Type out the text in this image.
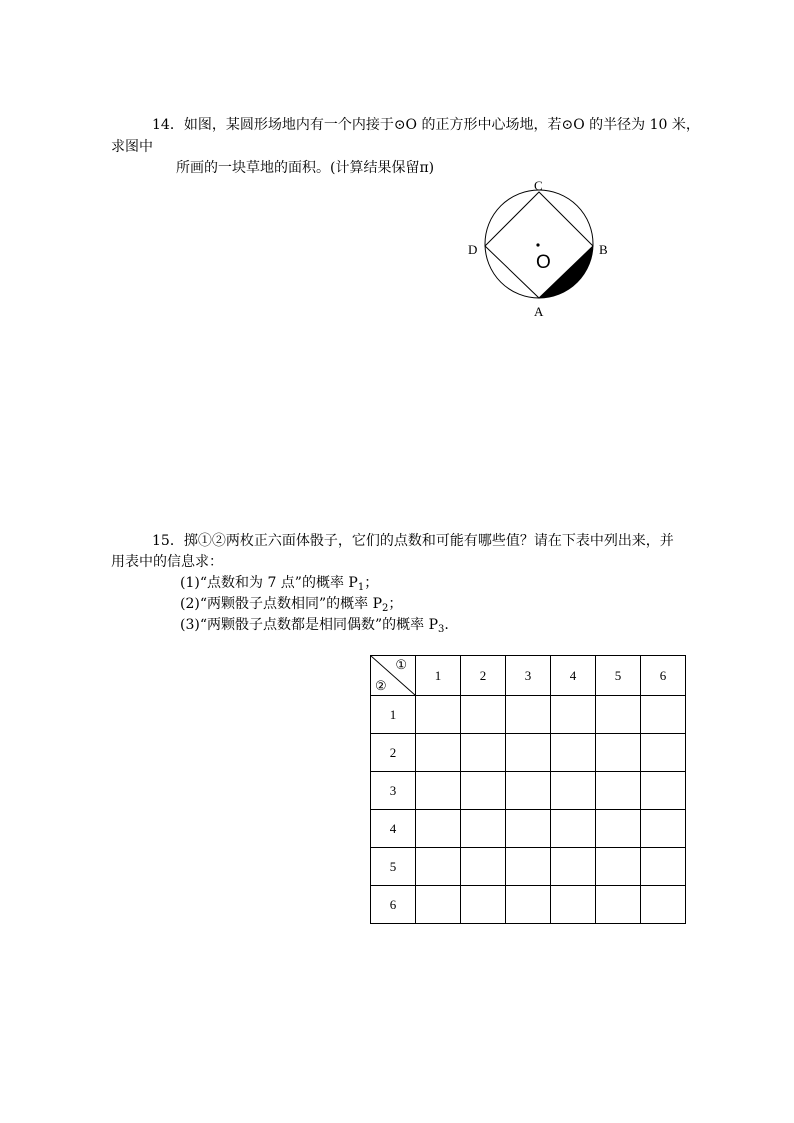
14．如图，某圆形场地内有一个内接于⊙O 的正方形中心场地，若⊙O 的半径为 10 米，
求图中
所画的一块草地的面积。(计算结果保留π)
C
D	B
A
O
15．掷①②两枚正六面体骰子，它们的点数和可能有哪些值？请在下表中列出来，并
用表中的信息求：
(1)“点数和为 7 点”的概率 $P_1$；
(2)“两颗骰子点数相同”的概率 $P_2$；
(3)“两颗骰子点数都是相同偶数”的概率 $P_3$.
①
②	1	2	3	4	5	6
1						
2						
3						
4						
5						
6						
